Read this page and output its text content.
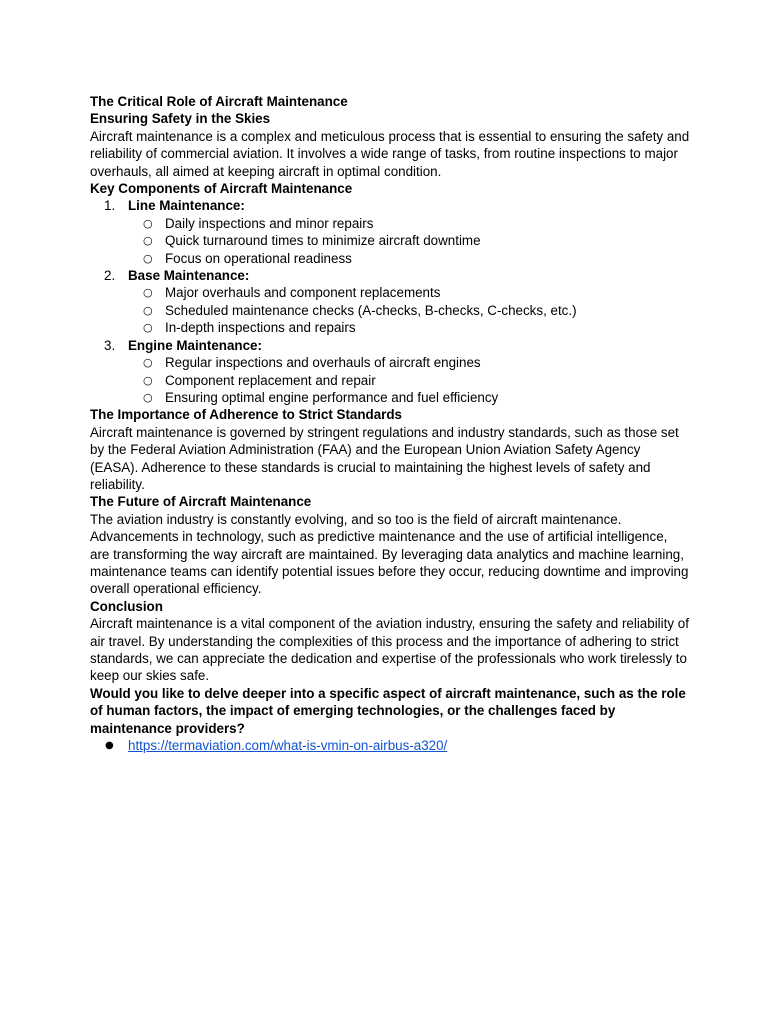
The Critical Role of Aircraft Maintenance
Ensuring Safety in the Skies

Aircraft maintenance is a complex and meticulous process that is essential to ensuring the safety and reliability of commercial aviation. It involves a wide range of tasks, from routine inspections to major overhauls, all aimed at keeping aircraft in optimal condition.

Key Components of Aircraft Maintenance
1. Line Maintenance:
○ Daily inspections and minor repairs
○ Quick turnaround times to minimize aircraft downtime
○ Focus on operational readiness
2. Base Maintenance:
○ Major overhauls and component replacements
○ Scheduled maintenance checks (A-checks, B-checks, C-checks, etc.)
○ In-depth inspections and repairs
3. Engine Maintenance:
○ Regular inspections and overhauls of aircraft engines
○ Component replacement and repair
○ Ensuring optimal engine performance and fuel efficiency
The Importance of Adherence to Strict Standards

Aircraft maintenance is governed by stringent regulations and industry standards, such as those set by the Federal Aviation Administration (FAA) and the European Union Aviation Safety Agency (EASA). Adherence to these standards is crucial to maintaining the highest levels of safety and reliability.

The Future of Aircraft Maintenance

The aviation industry is constantly evolving, and so too is the field of aircraft maintenance. Advancements in technology, such as predictive maintenance and the use of artificial intelligence, are transforming the way aircraft are maintained. By leveraging data analytics and machine learning, maintenance teams can identify potential issues before they occur, reducing downtime and improving overall operational efficiency.

Conclusion

Aircraft maintenance is a vital component of the aviation industry, ensuring the safety and reliability of air travel. By understanding the complexities of this process and the importance of adhering to strict standards, we can appreciate the dedication and expertise of the professionals who work tirelessly to keep our skies safe.

Would you like to delve deeper into a specific aspect of aircraft maintenance, such as the role of human factors, the impact of emerging technologies, or the challenges faced by maintenance providers?

● https://termaviation.com/what-is-vmin-on-airbus-a320/
